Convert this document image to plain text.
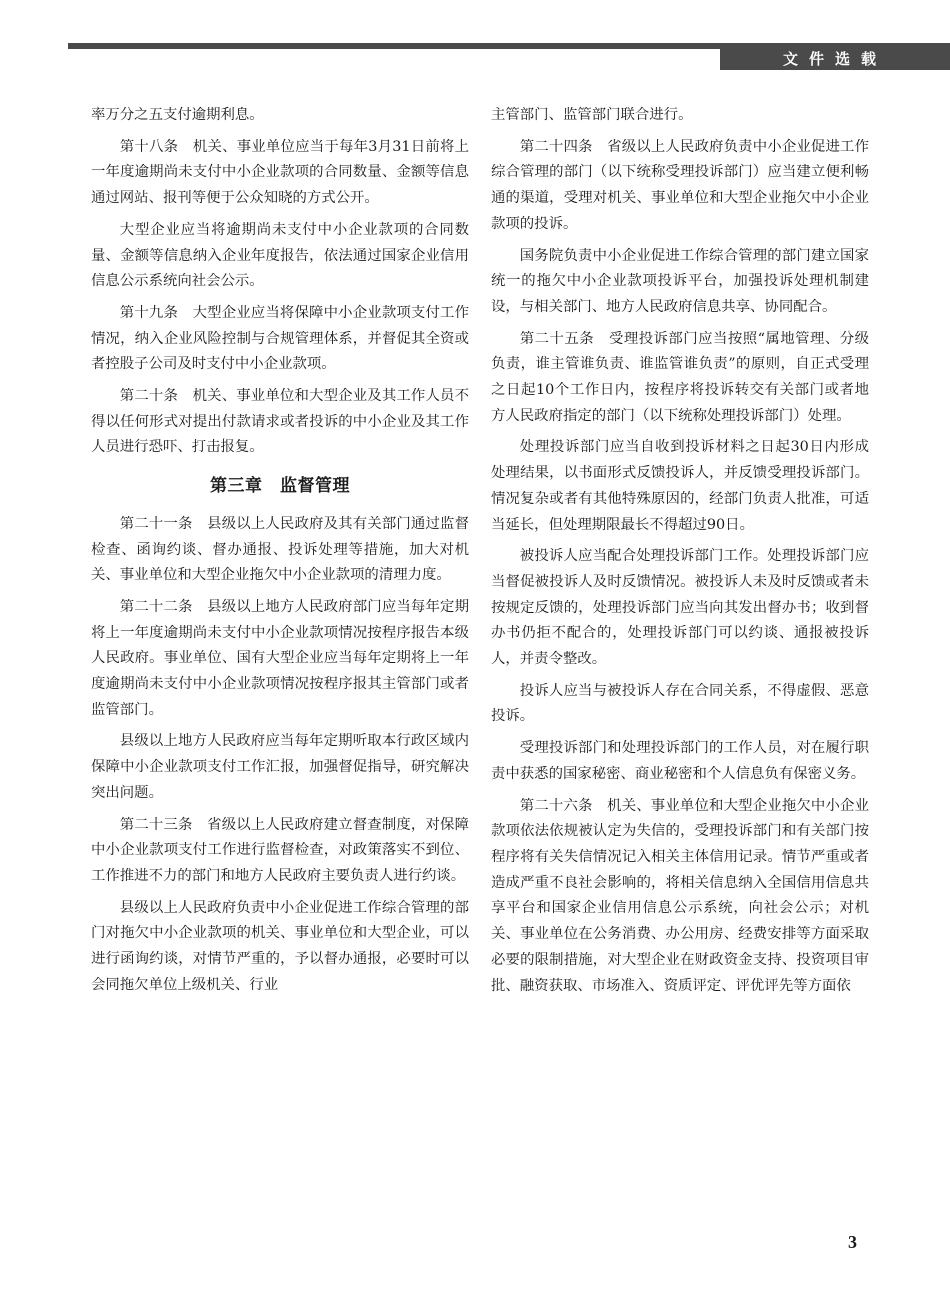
文件选载

率万分之五支付逾期利息。

第十八条　机关、事业单位应当于每年3月31日前将上一年度逾期尚未支付中小企业款项的合同数量、金额等信息通过网站、报刊等便于公众知晓的方式公开。

大型企业应当将逾期尚未支付中小企业款项的合同数量、金额等信息纳入企业年度报告，依法通过国家企业信用信息公示系统向社会公示。

第十九条　大型企业应当将保障中小企业款项支付工作情况，纳入企业风险控制与合规管理体系，并督促其全资或者控股子公司及时支付中小企业款项。

第二十条　机关、事业单位和大型企业及其工作人员不得以任何形式对提出付款请求或者投诉的中小企业及其工作人员进行恐吓、打击报复。

第三章　监督管理

第二十一条　县级以上人民政府及其有关部门通过监督检查、函询约谈、督办通报、投诉处理等措施，加大对机关、事业单位和大型企业拖欠中小企业款项的清理力度。

第二十二条　县级以上地方人民政府部门应当每年定期将上一年度逾期尚未支付中小企业款项情况按程序报告本级人民政府。事业单位、国有大型企业应当每年定期将上一年度逾期尚未支付中小企业款项情况按程序报其主管部门或者监管部门。

县级以上地方人民政府应当每年定期听取本行政区域内保障中小企业款项支付工作汇报，加强督促指导，研究解决突出问题。

第二十三条　省级以上人民政府建立督查制度，对保障中小企业款项支付工作进行监督检查，对政策落实不到位、工作推进不力的部门和地方人民政府主要负责人进行约谈。

县级以上人民政府负责中小企业促进工作综合管理的部门对拖欠中小企业款项的机关、事业单位和大型企业，可以进行函询约谈，对情节严重的，予以督办通报，必要时可以会同拖欠单位上级机关、行业

主管部门、监管部门联合进行。

第二十四条　省级以上人民政府负责中小企业促进工作综合管理的部门（以下统称受理投诉部门）应当建立便利畅通的渠道，受理对机关、事业单位和大型企业拖欠中小企业款项的投诉。

国务院负责中小企业促进工作综合管理的部门建立国家统一的拖欠中小企业款项投诉平台，加强投诉处理机制建设，与相关部门、地方人民政府信息共享、协同配合。

第二十五条　受理投诉部门应当按照“属地管理、分级负责，谁主管谁负责、谁监管谁负责”的原则，自正式受理之日起10个工作日内，按程序将投诉转交有关部门或者地方人民政府指定的部门（以下统称处理投诉部门）处理。

处理投诉部门应当自收到投诉材料之日起30日内形成处理结果，以书面形式反馈投诉人，并反馈受理投诉部门。情况复杂或者有其他特殊原因的，经部门负责人批准，可适当延长，但处理期限最长不得超过90日。

被投诉人应当配合处理投诉部门工作。处理投诉部门应当督促被投诉人及时反馈情况。被投诉人未及时反馈或者未按规定反馈的，处理投诉部门应当向其发出督办书；收到督办书仍拒不配合的，处理投诉部门可以约谈、通报被投诉人，并责令整改。

投诉人应当与被投诉人存在合同关系，不得虚假、恶意投诉。

受理投诉部门和处理投诉部门的工作人员，对在履行职责中获悉的国家秘密、商业秘密和个人信息负有保密义务。

第二十六条　机关、事业单位和大型企业拖欠中小企业款项依法依规被认定为失信的，受理投诉部门和有关部门按程序将有关失信情况记入相关主体信用记录。情节严重或者造成严重不良社会影响的，将相关信息纳入全国信用信息共享平台和国家企业信用信息公示系统，向社会公示；对机关、事业单位在公务消费、办公用房、经费安排等方面采取必要的限制措施，对大型企业在财政资金支持、投资项目审批、融资获取、市场准入、资质评定、评优评先等方面依

3
